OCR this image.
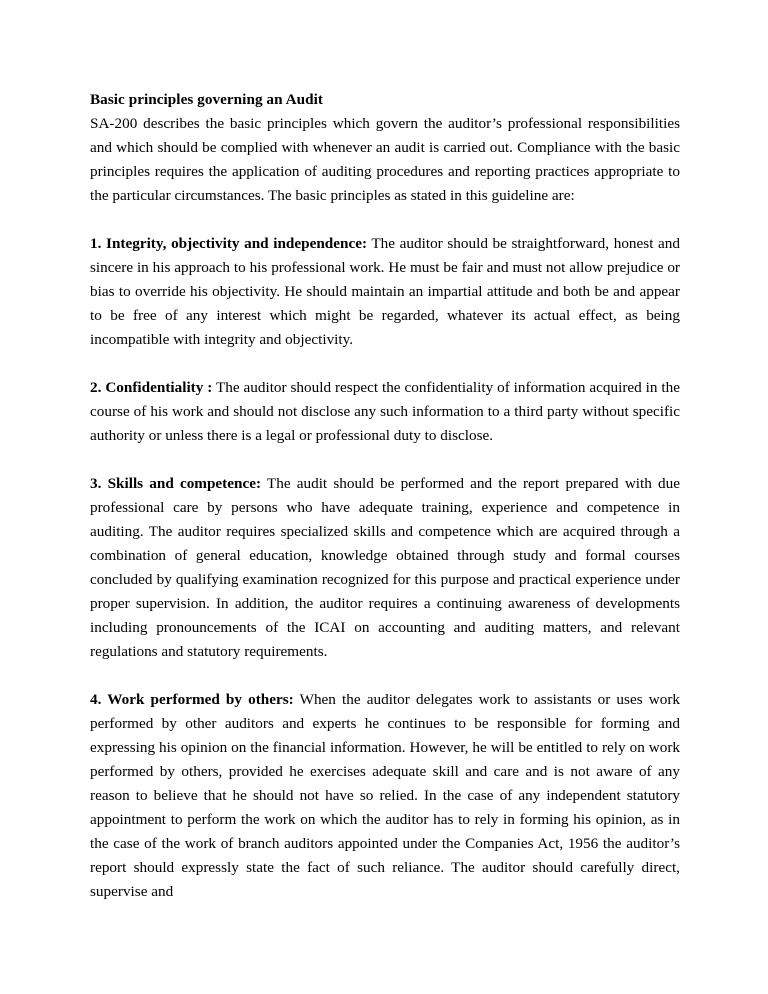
Basic principles governing an Audit

SA-200 describes the basic principles which govern the auditor’s professional responsibilities and which should be complied with whenever an audit is carried out. Compliance with the basic principles requires the application of auditing procedures and reporting practices appropriate to the particular circumstances. The basic principles as stated in this guideline are:

1. Integrity, objectivity and independence: The auditor should be straightforward, honest and sincere in his approach to his professional work. He must be fair and must not allow prejudice or bias to override his objectivity. He should maintain an impartial attitude and both be and appear to be free of any interest which might be regarded, whatever its actual effect, as being incompatible with integrity and objectivity.

2. Confidentiality : The auditor should respect the confidentiality of information acquired in the course of his work and should not disclose any such information to a third party without specific authority or unless there is a legal or professional duty to disclose.

3. Skills and competence: The audit should be performed and the report prepared with due professional care by persons who have adequate training, experience and competence in auditing. The auditor requires specialized skills and competence which are acquired through a combination of general education, knowledge obtained through study and formal courses concluded by qualifying examination recognized for this purpose and practical experience under proper supervision. In addition, the auditor requires a continuing awareness of developments including pronouncements of the ICAI on accounting and auditing matters, and relevant regulations and statutory requirements.

4. Work performed by others: When the auditor delegates work to assistants or uses work performed by other auditors and experts he continues to be responsible for forming and expressing his opinion on the financial information. However, he will be entitled to rely on work performed by others, provided he exercises adequate skill and care and is not aware of any reason to believe that he should not have so relied. In the case of any independent statutory appointment to perform the work on which the auditor has to rely in forming his opinion, as in the case of the work of branch auditors appointed under the Companies Act, 1956 the auditor’s report should expressly state the fact of such reliance. The auditor should carefully direct, supervise and
